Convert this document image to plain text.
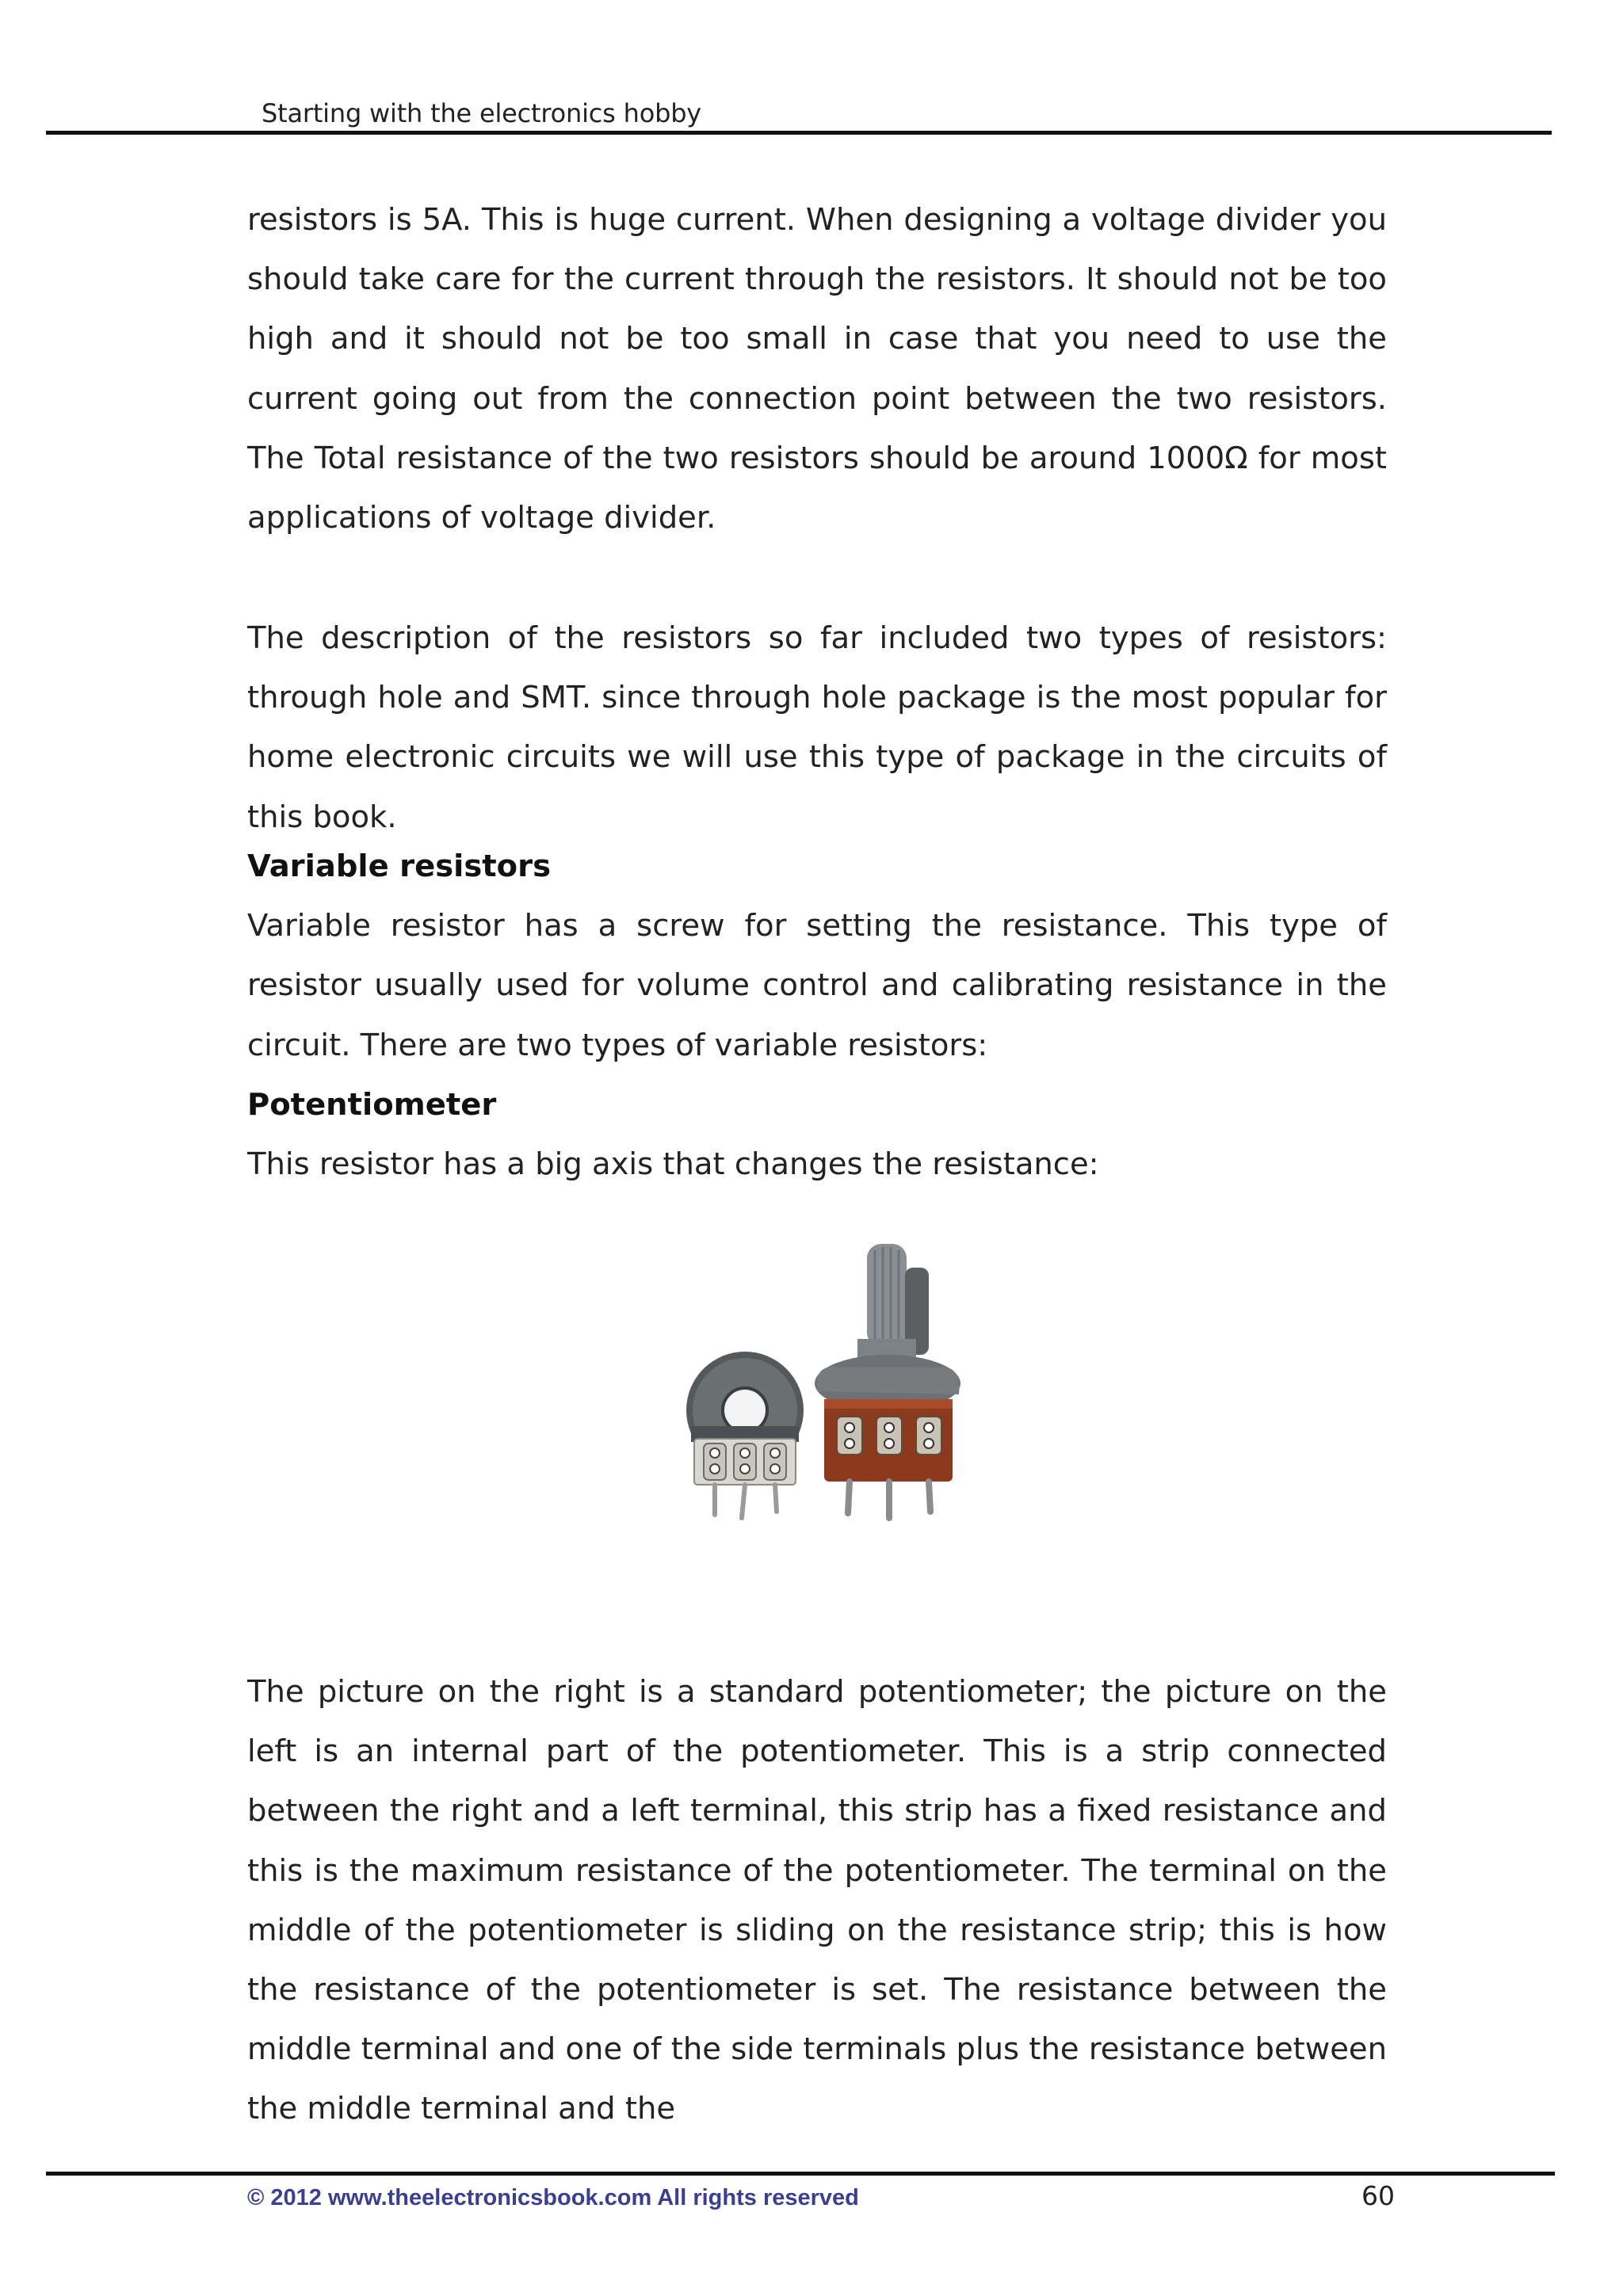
Starting with the electronics hobby

resistors is 5A. This is huge current. When designing a voltage divider you should take care for the current through the resistors. It should not be too high and it should not be too small in case that you need to use the current going out from the connection point between the two resistors. The Total resistance of the two resistors should be around 1000Ω for most applications of voltage divider.

The description of the resistors so far included two types of resistors: through hole and SMT. since through hole package is the most popular for home electronic circuits we will use this type of package in the circuits of this book.

Variable resistors

Variable resistor has a screw for setting the resistance. This type of resistor usually used for volume control and calibrating resistance in the circuit. There are two types of variable resistors:

Potentiometer

This resistor has a big axis that changes the resistance:

The picture on the right is a standard potentiometer; the picture on the left is an internal part of the potentiometer. This is a strip connected between the right and a left terminal, this strip has a fixed resistance and this is the maximum resistance of the potentiometer. The terminal on the middle of the potentiometer is sliding on the resistance strip; this is how the resistance of the potentiometer is set. The resistance between the middle terminal and one of the side terminals plus the resistance between the middle terminal and the

© 2012 www.theelectronicsbook.com All rights reserved	60
